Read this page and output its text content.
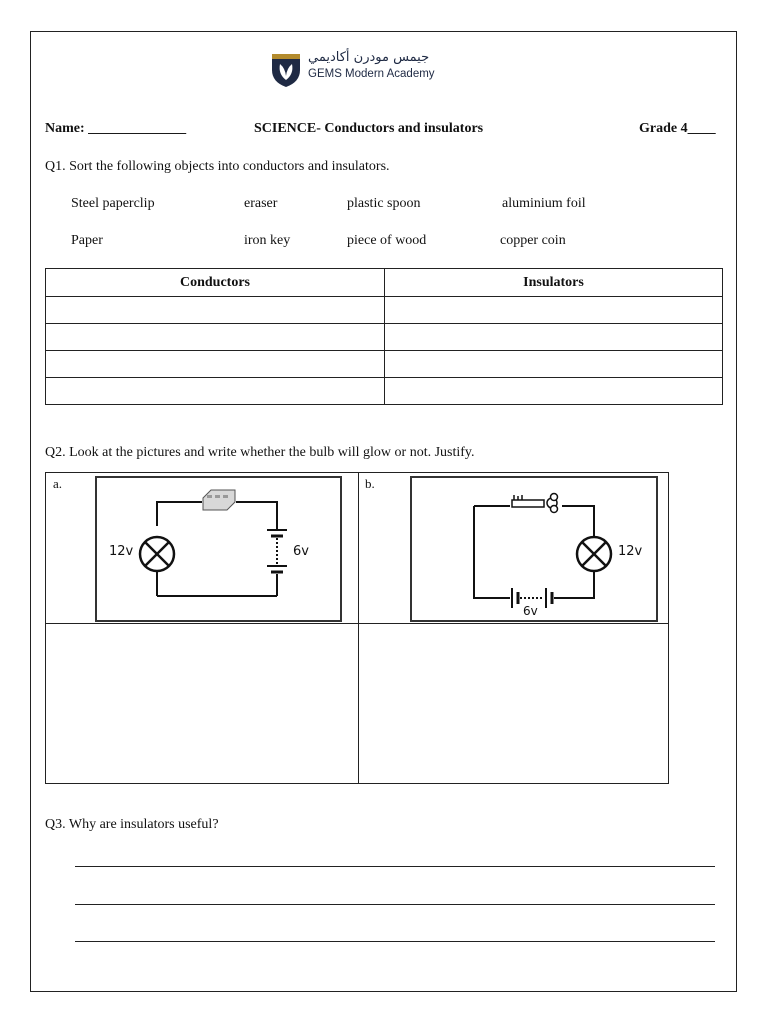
جيمس مودرن أكاديمي
GEMS Modern Academy
Name: ______________	SCIENCE- Conductors and insulators	Grade 4____
Q1. Sort the following objects into conductors and insulators.
Steel paperclip	eraser	plastic spoon	aluminium foil
Paper	iron key	piece of wood	copper coin
Conductors	Insulators

Q2. Look at the pictures and write whether the bulb will glow or not. Justify.
a.	b.
12v	6v	12v
6v
Q3. Why are insulators useful?
